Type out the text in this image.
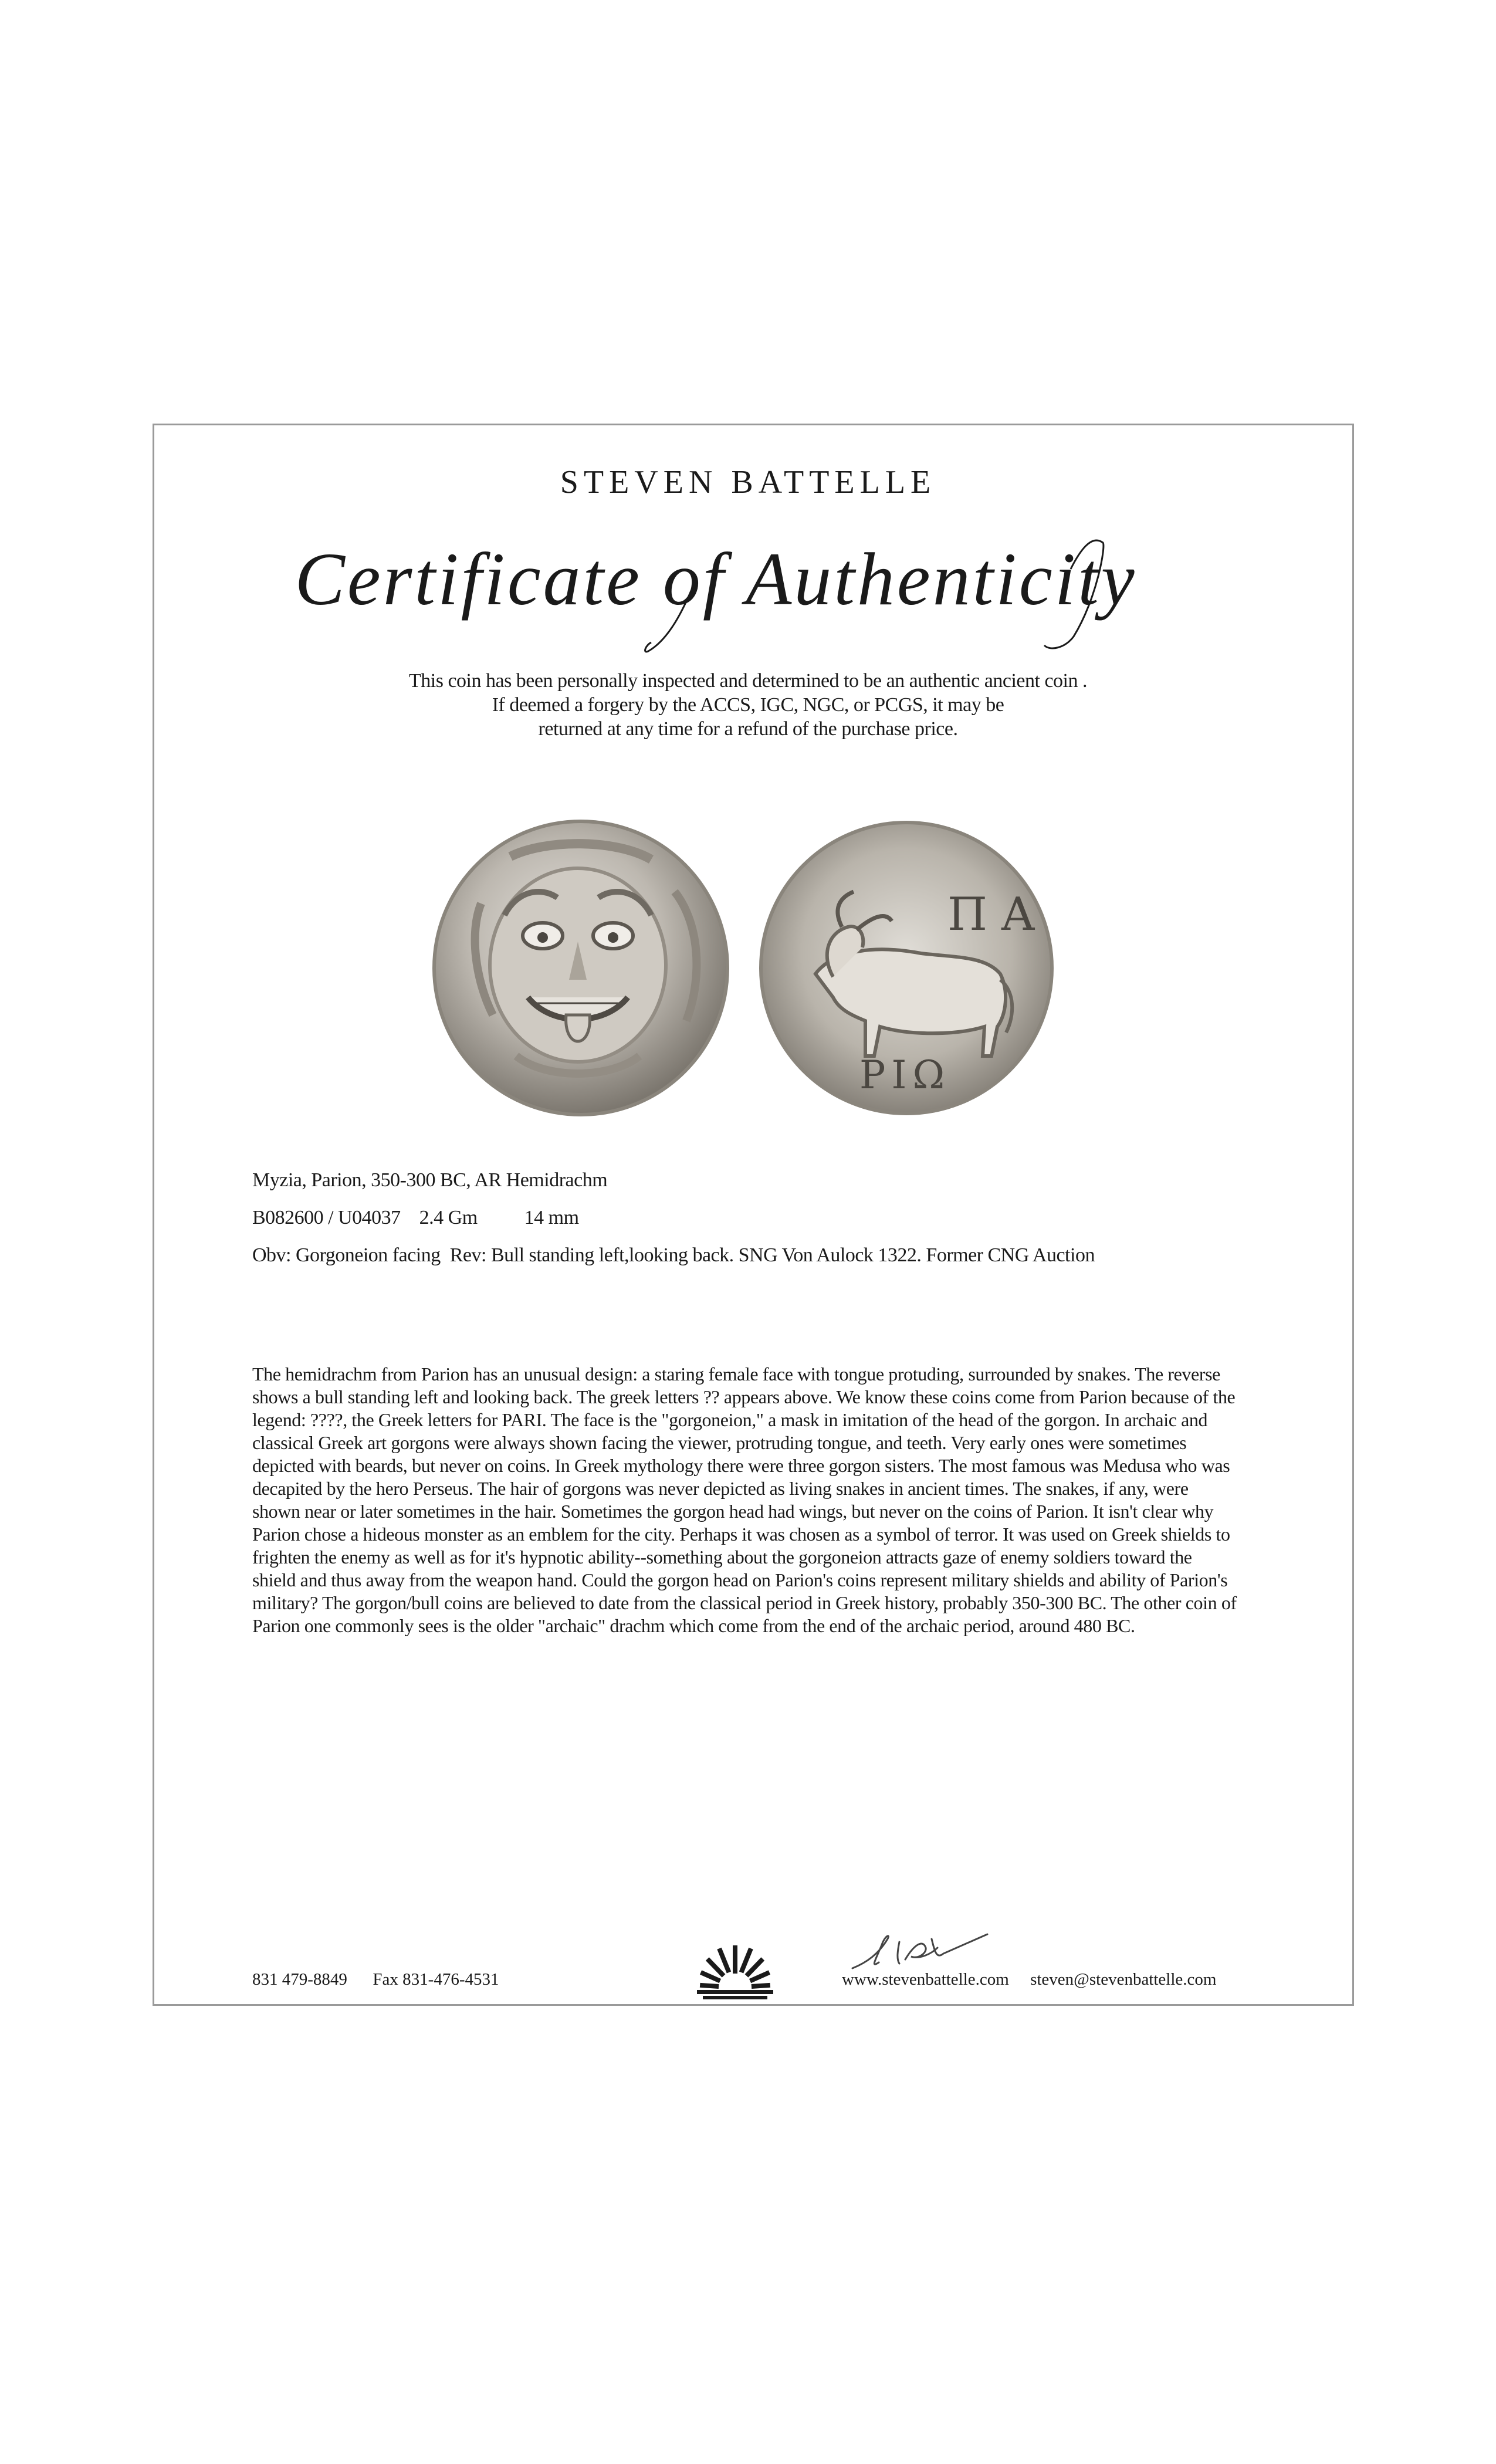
STEVEN BATTELLE
Certificate of Authenticity
This coin has been personally inspected and determined to be an authentic ancient coin .
If deemed a forgery by the ACCS, IGC, NGC, or PCGS, it may be
returned at any time for a refund of the purchase price.
ΠΑ
ΡΙΩ
Myzia, Parion, 350-300 BC, AR Hemidrachm
B082600 / U04037    2.4 Gm          14 mm
Obv: Gorgoneion facing  Rev: Bull standing left,looking back. SNG Von Aulock 1322. Former CNG Auction

The hemidrachm from Parion has an unusual design: a staring female face with tongue protuding, surrounded by snakes. The reverse shows a bull standing left and looking back. The greek letters ?? appears above. We know these coins come from Parion because of the legend: ????, the Greek letters for PARI. The face is the "gorgoneion," a mask in imitation of the head of the gorgon. In archaic and classical Greek art gorgons were always shown facing the viewer, protruding tongue, and teeth. Very early ones were sometimes depicted with beards, but never on coins. In Greek mythology there were three gorgon sisters. The most famous was Medusa who was decapited by the hero Perseus. The hair of gorgons was never depicted as living snakes in ancient times. The snakes, if any, were shown near or later sometimes in the hair. Sometimes the gorgon head had wings, but never on the coins of Parion. It isn't clear why Parion chose a hideous monster as an emblem for the city. Perhaps it was chosen as a symbol of terror. It was used on Greek shields to frighten the enemy as well as for it's hypnotic ability--something about the gorgoneion attracts gaze of enemy soldiers toward the shield and thus away from the weapon hand. Could the gorgon head on Parion's coins represent military shields and ability of Parion's military? The gorgon/bull coins are believed to date from the classical period in Greek history, probably 350-300 BC. The other coin of Parion one commonly sees is the older "archaic" drachm which come from the end of the archaic period, around 480 BC.

831 479-8849 Fax 831-476-4531	www.stevenbattelle.com steven@stevenbattelle.com
